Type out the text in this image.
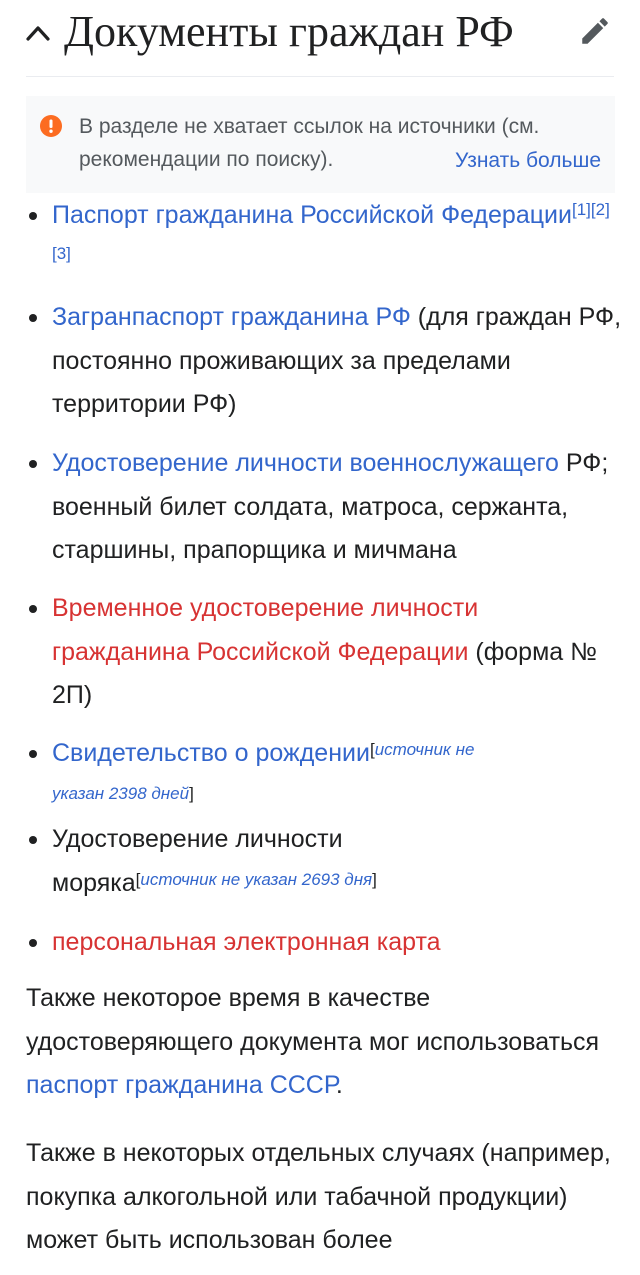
Документы граждан РФ
В разделе не хватает ссылок на источники (см. рекомендации по поиску).	Узнать больше
Паспорт гражданина Российской Федерации[1][2][3]
Загранпаспорт гражданина РФ (для граждан РФ, постоянно проживающих за пределами территории РФ)
Удостоверение личности военнослужащего РФ; военный билет солдата, матроса, сержанта, старшины, прапорщика и мичмана
Временное удостоверение личности гражданина Российской Федерации (форма № 2П)
Свидетельство о рождении[источник не указан 2398 дней]
Удостоверение личности моряка[источник не указан 2693 дня]
персональная электронная карта

Также некоторое время в качестве удостоверяющего документа мог использоваться паспорт гражданина СССР.

Также в некоторых отдельных случаях (например, покупка алкогольной или табачной продукции) может быть использован более
